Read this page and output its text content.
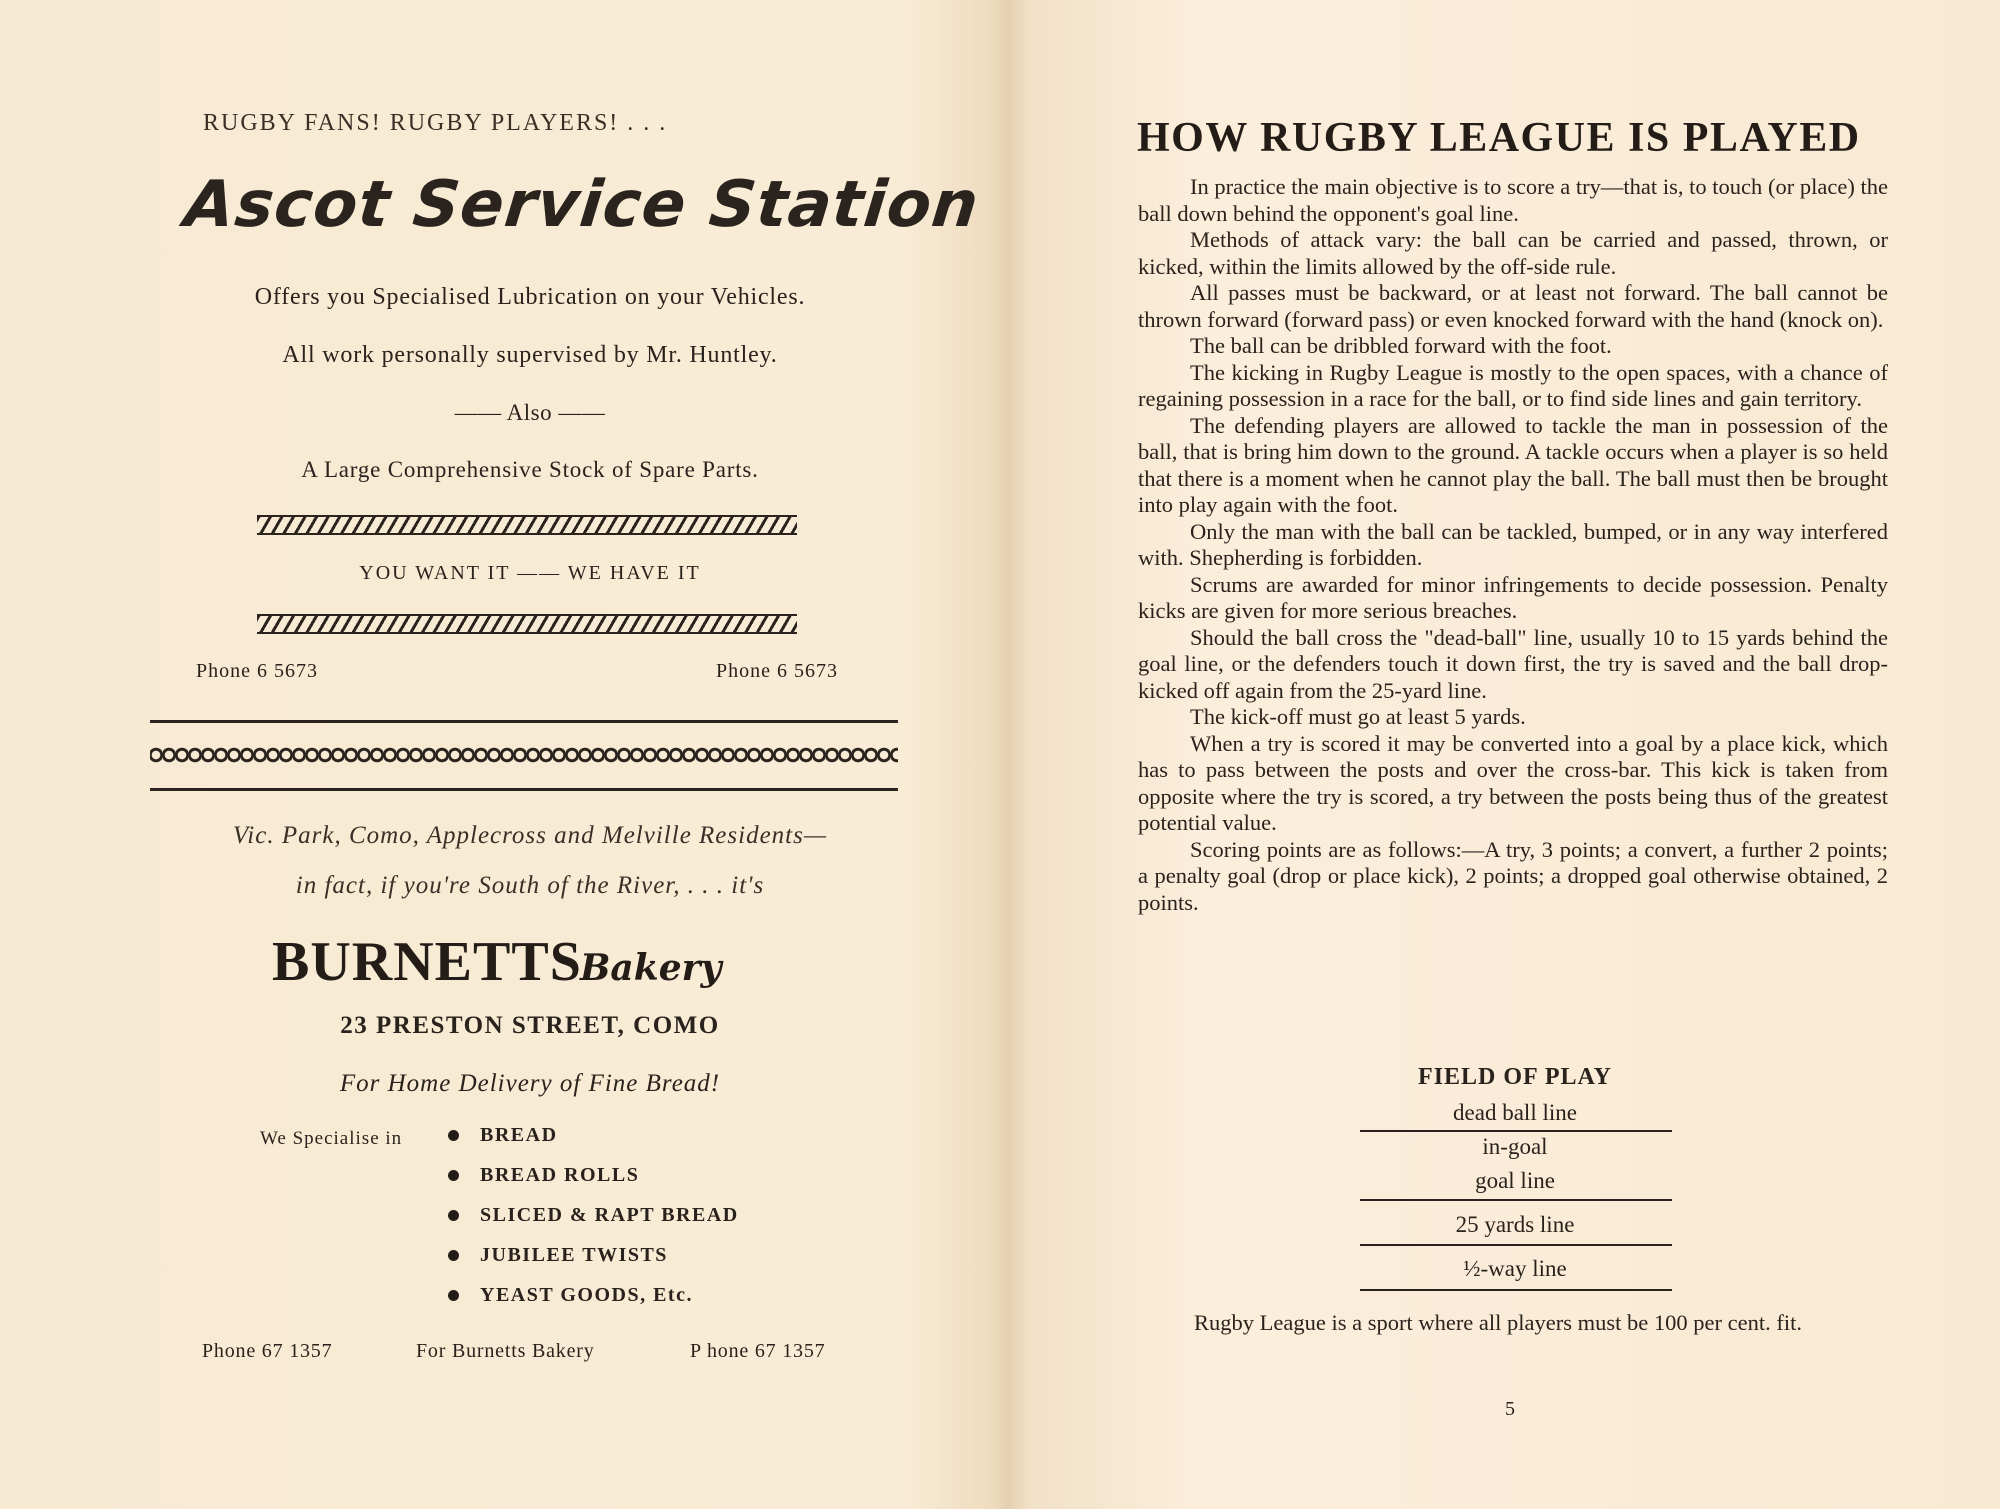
RUGBY FANS! RUGBY PLAYERS! . . .
Ascot Service Station
Offers you Specialised Lubrication on your Vehicles.
All work personally supervised by Mr. Huntley.
—— Also ——
A Large Comprehensive Stock of Spare Parts.
YOU WANT IT —— WE HAVE IT
Phone 6 5673	Phone 6 5673
Vic. Park, Como, Applecross and Melville Residents—
in fact, if you're South of the River, . . . it's
BURNETTS
Bakery
23 PRESTON STREET, COMO
For Home Delivery of Fine Bread!
We Specialise in	BREAD
BREAD ROLLS
SLICED & RAPT BREAD
JUBILEE TWISTS
YEAST GOODS, Etc.
Phone 67 1357	For Burnetts Bakery	P hone 67 1357
HOW RUGBY LEAGUE IS PLAYED

In practice the main objective is to score a try—that is, to touch (or place) the ball down behind the opponent's goal line.

Methods of attack vary: the ball can be carried and passed, thrown, or kicked, within the limits allowed by the off-side rule.

All passes must be backward, or at least not forward. The ball cannot be thrown forward (forward pass) or even knocked forward with the hand (knock on).

The ball can be dribbled forward with the foot.

The kicking in Rugby League is mostly to the open spaces, with a chance of regaining possession in a race for the ball, or to find side lines and gain territory.

The defending players are allowed to tackle the man in possession of the ball, that is bring him down to the ground. A tackle occurs when a player is so held that there is a moment when he cannot play the ball. The ball must then be brought into play again with the foot.

Only the man with the ball can be tackled, bumped, or in any way interfered with. Shepherding is forbidden.

Scrums are awarded for minor infringements to decide possession. Penalty kicks are given for more serious breaches.

Should the ball cross the "dead-ball" line, usually 10 to 15 yards behind the goal line, or the defenders touch it down first, the try is saved and the ball drop-kicked off again from the 25-yard line.

The kick-off must go at least 5 yards.

When a try is scored it may be converted into a goal by a place kick, which has to pass between the posts and over the cross-bar. This kick is taken from opposite where the try is scored, a try between the posts being thus of the greatest potential value.

Scoring points are as follows:—A try, 3 points; a convert, a further 2 points; a penalty goal (drop or place kick), 2 points; a dropped goal otherwise obtained, 2 points.

FIELD OF PLAY
dead ball line
in-goal
goal line
25 yards line
½-way line

Rugby League is a sport where all players must be 100 per cent. fit.

5
